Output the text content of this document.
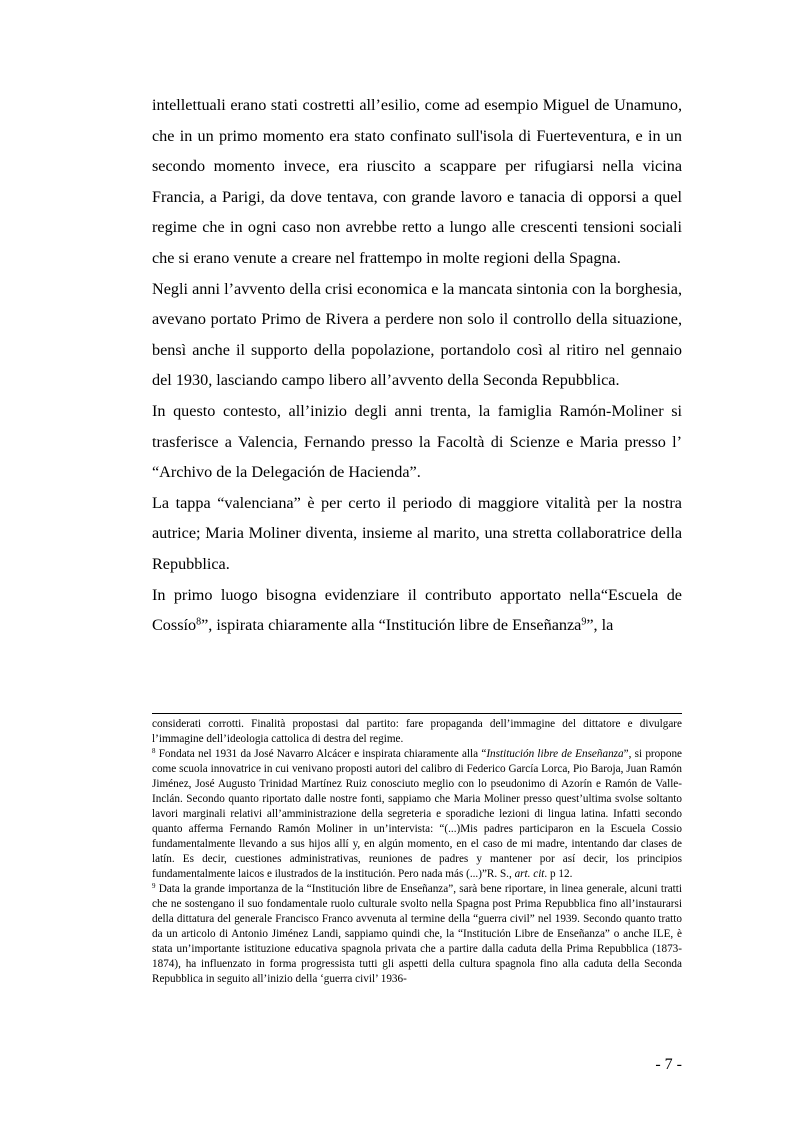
intellettuali erano stati costretti all’esilio, come ad esempio Miguel de Unamuno, che in un primo momento era stato confinato sull'isola di Fuerteventura, e in un secondo momento invece, era riuscito a scappare per rifugiarsi nella vicina Francia, a Parigi, da dove tentava, con grande lavoro e tanacia di opporsi a quel regime che in ogni caso non avrebbe retto a lungo alle crescenti tensioni sociali che si erano venute a creare nel frattempo in molte regioni della Spagna.

Negli anni l’avvento della crisi economica e la mancata sintonia con la borghesia, avevano portato Primo de Rivera a perdere non solo il controllo della situazione, bensì anche il supporto della popolazione, portandolo così al ritiro nel gennaio del 1930, lasciando campo libero all’avvento della Seconda Repubblica.

In questo contesto, all’inizio degli anni trenta, la famiglia Ramón-Moliner si trasferisce a Valencia, Fernando presso la Facoltà di Scienze e Maria presso l’ “Archivo de la Delegación de Hacienda”.

La tappa “valenciana” è per certo il periodo di maggiore vitalità per la nostra autrice; Maria Moliner diventa, insieme al marito, una stretta collaboratrice della Repubblica.

In primo luogo bisogna evidenziare il contributo apportato nella“Escuela de Cossío$^8$”, ispirata chiaramente alla “Institución libre de Enseñanza$^9$”, la

considerati corrotti. Finalità propostasi dal partito: fare propaganda dell’immagine del dittatore e divulgare l’immagine dell’ideologia cattolica di destra del regime.

$^8$ Fondata nel 1931 da José Navarro Alcácer e inspirata chiaramente alla “Institución libre de Enseñanza”, si propone come scuola innovatrice in cui venivano proposti autori del calibro di Federico García Lorca, Pio Baroja, Juan Ramón Jiménez, José Augusto Trinidad Martínez Ruiz conosciuto meglio con lo pseudonimo di Azorín e Ramón de Valle-Inclán. Secondo quanto riportato dalle nostre fonti, sappiamo che Maria Moliner presso quest’ultima svolse soltanto lavori marginali relativi all’amministrazione della segreteria e sporadiche lezioni di lingua latina. Infatti secondo quanto afferma Fernando Ramón Moliner in un’intervista: “(...)Mis padres participaron en la Escuela Cossio fundamentalmente llevando a sus hijos allí y, en algún momento, en el caso de mi madre, intentando dar clases de latín. Es decir, cuestiones administrativas, reuniones de padres y mantener por así decir, los principios fundamentalmente laicos e ilustrados de la institución. Pero nada más (...)”R. S., art. cit. p 12.

$^9$ Data la grande importanza de la “Institución libre de Enseñanza”, sarà bene riportare, in linea generale, alcuni tratti che ne sostengano il suo fondamentale ruolo culturale svolto nella Spagna post Prima Repubblica fino all’instaurarsi della dittatura del generale Francisco Franco avvenuta al termine della “guerra civil” nel 1939. Secondo quanto tratto da un articolo di Antonio Jiménez Landi, sappiamo quindi che, la “Institución Libre de Enseñanza” o anche ILE, è stata un’importante istituzione educativa spagnola privata che a partire dalla caduta della Prima Repubblica (1873-1874), ha influenzato in forma progressista tutti gli aspetti della cultura spagnola fino alla caduta della Seconda Repubblica in seguito all’inizio della ‘guerra civil’ 1936-

- 7 -
